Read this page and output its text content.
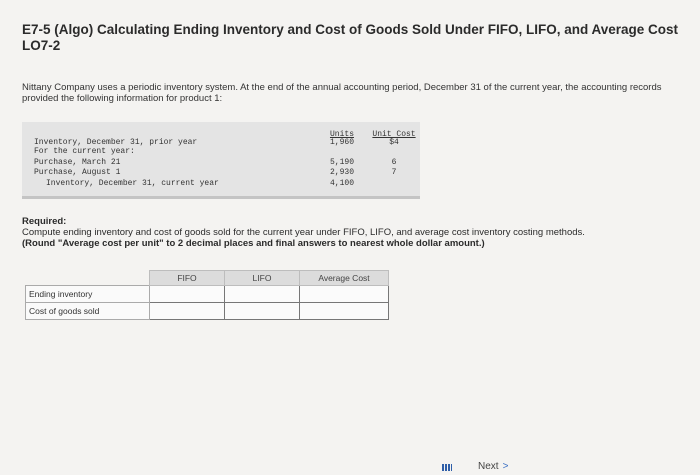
E7-5 (Algo) Calculating Ending Inventory and Cost of Goods Sold Under FIFO, LIFO, and Average Cost
LO7-2
Nittany Company uses a periodic inventory system. At the end of the annual accounting period, December 31 of the current year, the accounting records provided the following information for product 1:
Units	Unit Cost
Inventory, December 31, prior year	1,960	$4
For the current year:
Purchase, March 21	5,190	6
Purchase, August 1	2,930	7
Inventory, December 31, current year	4,100
Required:
Compute ending inventory and cost of goods sold for the current year under FIFO, LIFO, and average cost inventory costing methods.
(Round "Average cost per unit" to 2 decimal places and final answers to nearest whole dollar amount.)
	FIFO	LIFO	Average Cost
Ending inventory			
Cost of goods sold			
Next >
